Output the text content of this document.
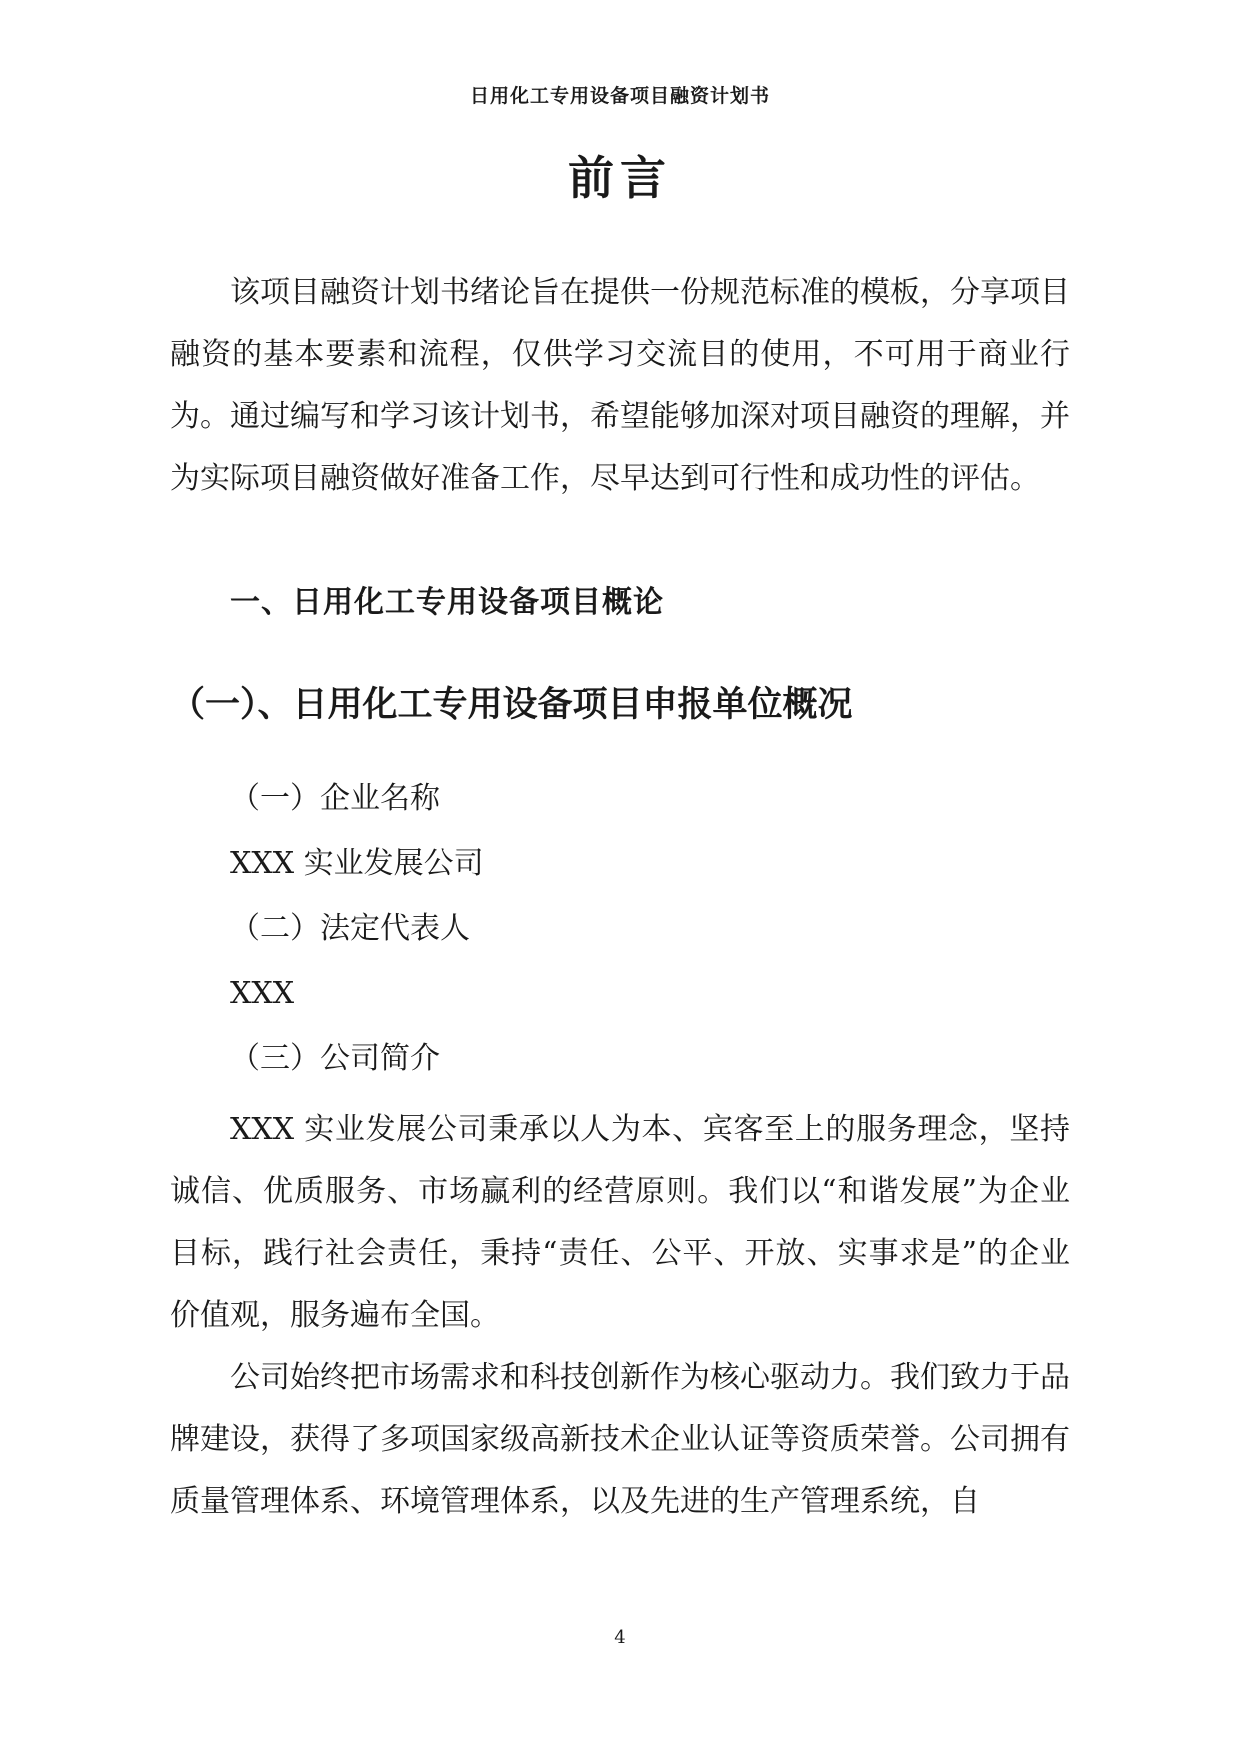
日用化工专用设备项目融资计划书
前言
该项目融资计划书绪论旨在提供一份规范标准的模板，分享项目融资的基本要素和流程，仅供学习交流目的使用，不可用于商业行为。通过编写和学习该计划书，希望能够加深对项目融资的理解，并为实际项目融资做好准备工作，尽早达到可行性和成功性的评估。
一、日用化工专用设备项目概论
（一）、日用化工专用设备项目申报单位概况
（一）企业名称
XXX 实业发展公司
（二）法定代表人
XXX
（三）公司简介
XXX 实业发展公司秉承以人为本、宾客至上的服务理念，坚持诚信、优质服务、市场赢利的经营原则。我们以“和谐发展”为企业目标，践行社会责任，秉持“责任、公平、开放、实事求是”的企业价值观，服务遍布全国。
公司始终把市场需求和科技创新作为核心驱动力。我们致力于品牌建设，获得了多项国家级高新技术企业认证等资质荣誉。公司拥有质量管理体系、环境管理体系，以及先进的生产管理系统，自
4
